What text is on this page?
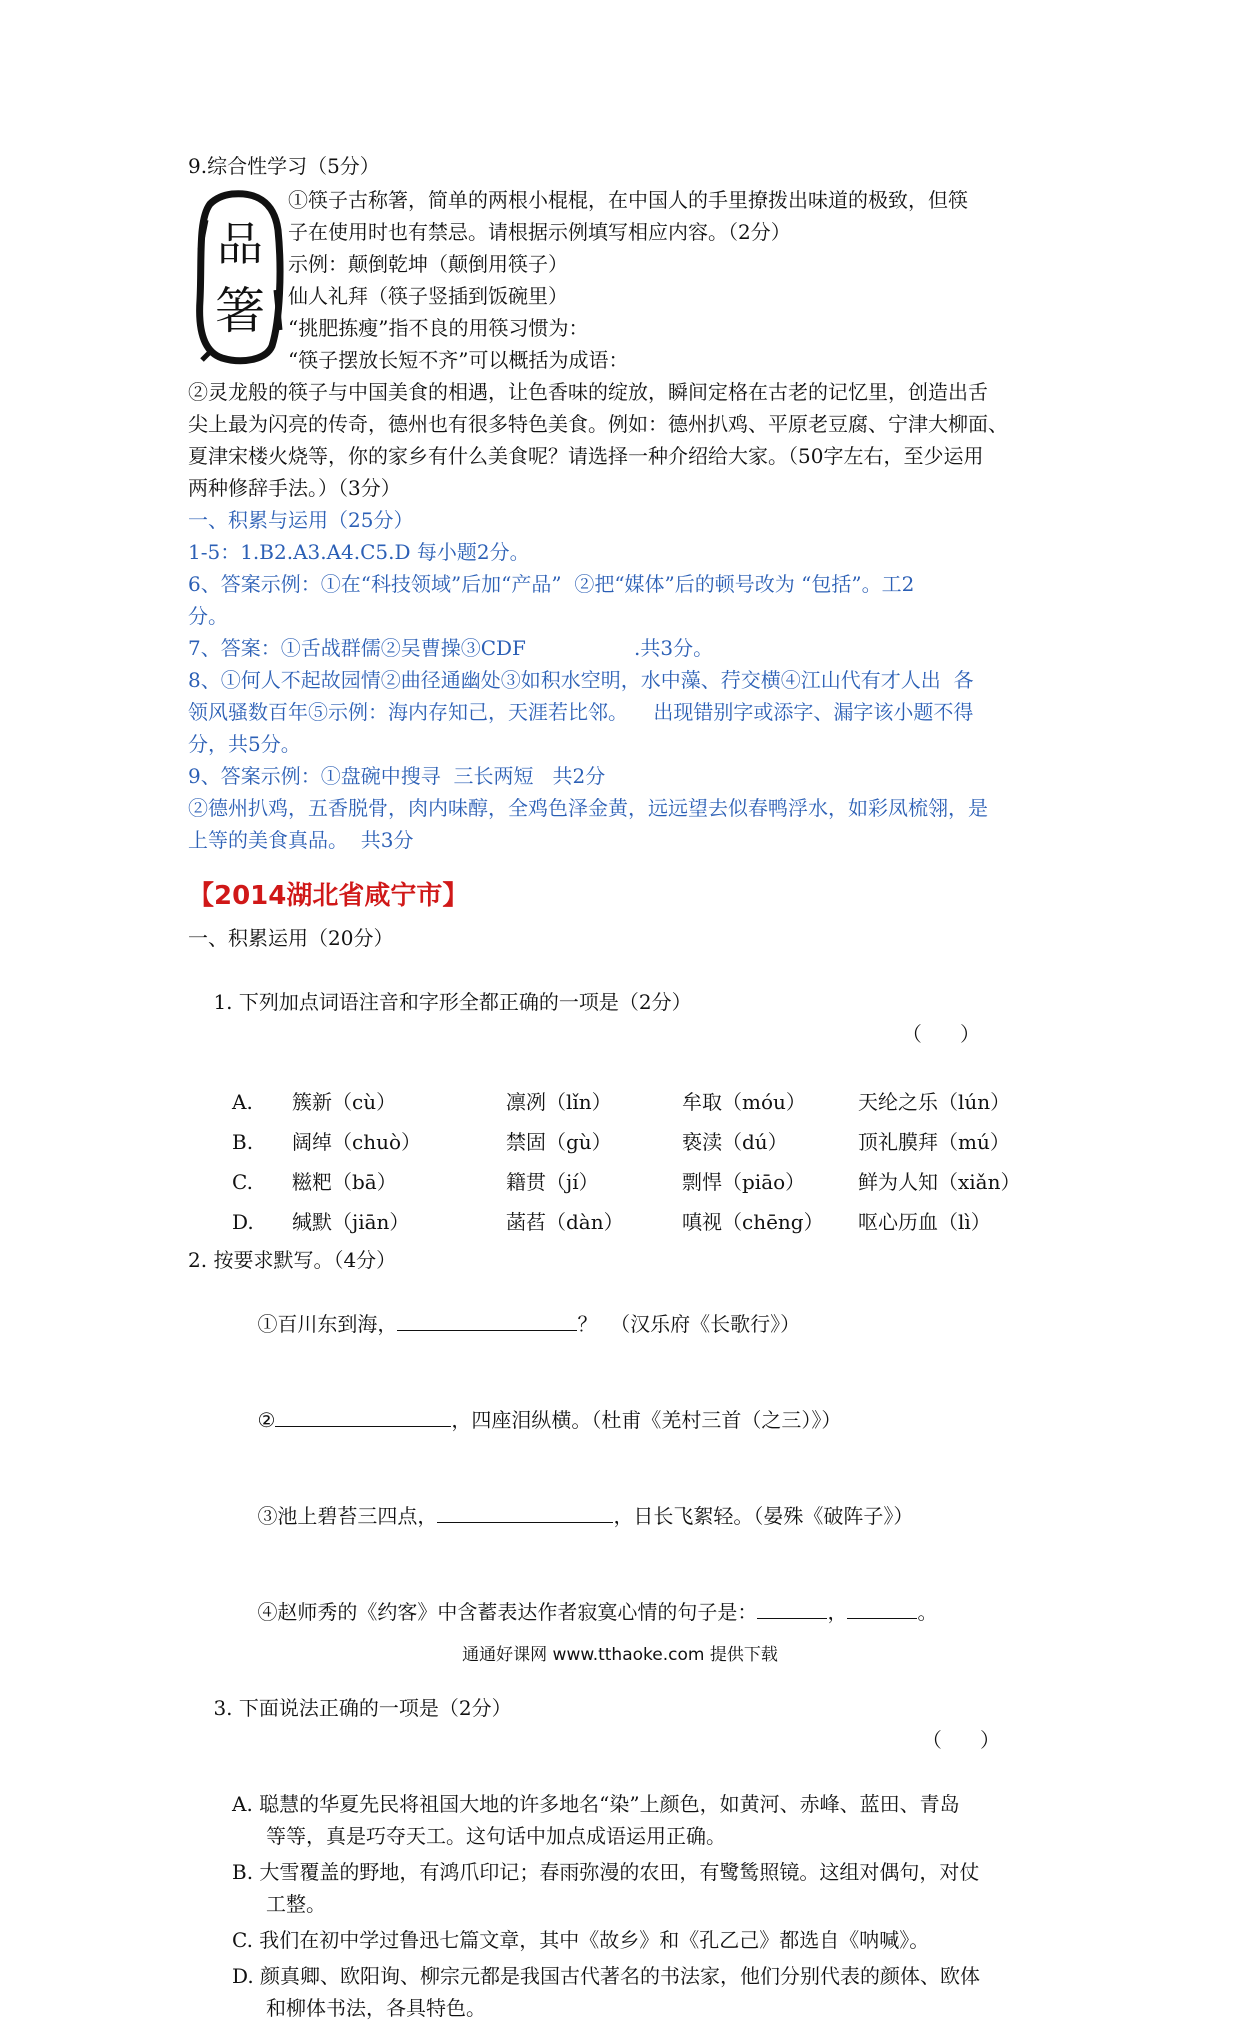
品
箸
9.综合性学习（5分）
①筷子古称箸，简单的两根小棍棍，在中国人的手里撩拨出味道的极致，但筷
子在使用时也有禁忌。请根据示例填写相应内容。（2分）
示例：颠倒乾坤（颠倒用筷子）
仙人礼拜（筷子竖插到饭碗里）
“挑肥拣瘦”指不良的用筷习惯为：
“筷子摆放长短不齐”可以概括为成语：
②灵龙般的筷子与中国美食的相遇，让色香味的绽放，瞬间定格在古老的记忆里，创造出舌
尖上最为闪亮的传奇，德州也有很多特色美食。例如：德州扒鸡、平原老豆腐、宁津大柳面、
夏津宋楼火烧等，你的家乡有什么美食呢？请选择一种介绍给大家。（50字左右，至少运用
两种修辞手法。）（3分）
一、积累与运用（25分）
1-5：1.B2.A3.A4.C5.D 每小题2分。
6、答案示例：①在“科技领域”后加“产品”  ②把“媒体”后的顿号改为 “包括”。工2
分。
7、答案：①舌战群儒②吴曹操③CDF                 .共3分。
8、①何人不起故园情②曲径通幽处③如积水空明，水中藻、荇交横④江山代有才人出  各
领风骚数百年⑤示例：海内存知己，天涯若比邻。    出现错别字或添字、漏字该小题不得
分，共5分。
9、答案示例：①盘碗中搜寻  三长两短   共2分
②德州扒鸡，五香脱骨，肉内味醇，全鸡色泽金黄，远远望去似春鸭浮水，如彩凤梳翎，是
上等的美食真品。  共3分
【2014湖北省咸宁市】
一、积累运用（20分）

1. 下列加点词语注音和字形全都正确的一项是（2分）

（      ）

A.	簇新（cù）	凛冽（lǐn）	牟取（móu）	天纶之乐（lún）
B.	阔绰（chuò）	禁固（gù）	亵渎（dú）	顶礼膜拜（mú）
C.	糍粑（bā）	籍贯（jí）	剽悍（piāo）	鲜为人知（xiǎn）
D.	缄默（jiān）	菡萏（dàn）	嗔视（chēng）	呕心历血（lì）
2. 按要求默写。（4分）

①百川东到海，	？  （汉乐府《长歌行》）

②	，四座泪纵横。（杜甫《羌村三首（之三）》）

③池上碧苔三四点，	，日长飞絮轻。（晏殊《破阵子》）

④赵师秀的《约客》中含蓄表达作者寂寞心情的句子是：	，	。

3. 下面说法正确的一项是（2分）

（      ）

A. 聪慧的华夏先民将祖国大地的许多地名“染”上颜色，如黄河、赤峰、蓝田、青岛
等等，真是巧夺天工。这句话中加点成语运用正确。
B. 大雪覆盖的野地，有鸿爪印记；春雨弥漫的农田，有鹭鸶照镜。这组对偶句，对仗
工整。
C. 我们在初中学过鲁迅七篇文章，其中《故乡》和《孔乙己》都选自《呐喊》。
D. 颜真卿、欧阳询、柳宗元都是我国古代著名的书法家，他们分别代表的颜体、欧体
和柳体书法，各具特色。
通通好课网 www.tthaoke.com 提供下载
